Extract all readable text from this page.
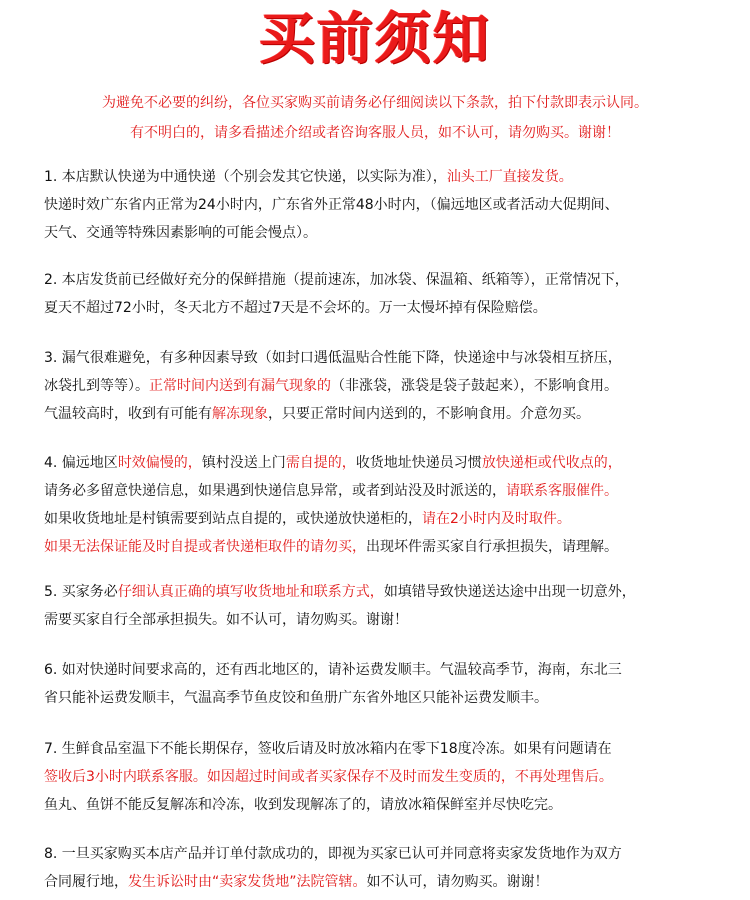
买前须知
为避免不必要的纠纷，各位买家购买前请务必仔细阅读以下条款，拍下付款即表示认同。
有不明白的，请多看描述介绍或者咨询客服人员，如不认可，请勿购买。谢谢！
1. 本店默认快递为中通快递（个别会发其它快递，以实际为准），汕头工厂直接发货。
快递时效广东省内正常为24小时内，广东省外正常48小时内，（偏远地区或者活动大促期间、
天气、交通等特殊因素影响的可能会慢点）。
2. 本店发货前已经做好充分的保鲜措施（提前速冻，加冰袋、保温箱、纸箱等），正常情况下，
夏天不超过72小时，冬天北方不超过7天是不会坏的。万一太慢坏掉有保险赔偿。
3. 漏气很难避免，有多种因素导致（如封口遇低温贴合性能下降，快递途中与冰袋相互挤压，
冰袋扎到等等）。正常时间内送到有漏气现象的（非涨袋，涨袋是袋子鼓起来），不影响食用。
气温较高时，收到有可能有解冻现象，只要正常时间内送到的，不影响食用。介意勿买。
4. 偏远地区时效偏慢的，镇村没送上门需自提的，收货地址快递员习惯放快递柜或代收点的，
请务必多留意快递信息，如果遇到快递信息异常，或者到站没及时派送的，请联系客服催件。
如果收货地址是村镇需要到站点自提的，或快递放快递柜的，请在2小时内及时取件。
如果无法保证能及时自提或者快递柜取件的请勿买，出现坏件需买家自行承担损失，请理解。
5. 买家务必仔细认真正确的填写收货地址和联系方式，如填错导致快递送达途中出现一切意外，
需要买家自行全部承担损失。如不认可，请勿购买。谢谢！
6. 如对快递时间要求高的，还有西北地区的，请补运费发顺丰。气温较高季节，海南，东北三
省只能补运费发顺丰，气温高季节鱼皮饺和鱼册广东省外地区只能补运费发顺丰。
7. 生鲜食品室温下不能长期保存，签收后请及时放冰箱内在零下18度冷冻。如果有问题请在
签收后3小时内联系客服。如因超过时间或者买家保存不及时而发生变质的，不再处理售后。
鱼丸、鱼饼不能反复解冻和冷冻，收到发现解冻了的，请放冰箱保鲜室并尽快吃完。
8. 一旦买家购买本店产品并订单付款成功的，即视为买家已认可并同意将卖家发货地作为双方
合同履行地，发生诉讼时由“卖家发货地”法院管辖。如不认可，请勿购买。谢谢！
